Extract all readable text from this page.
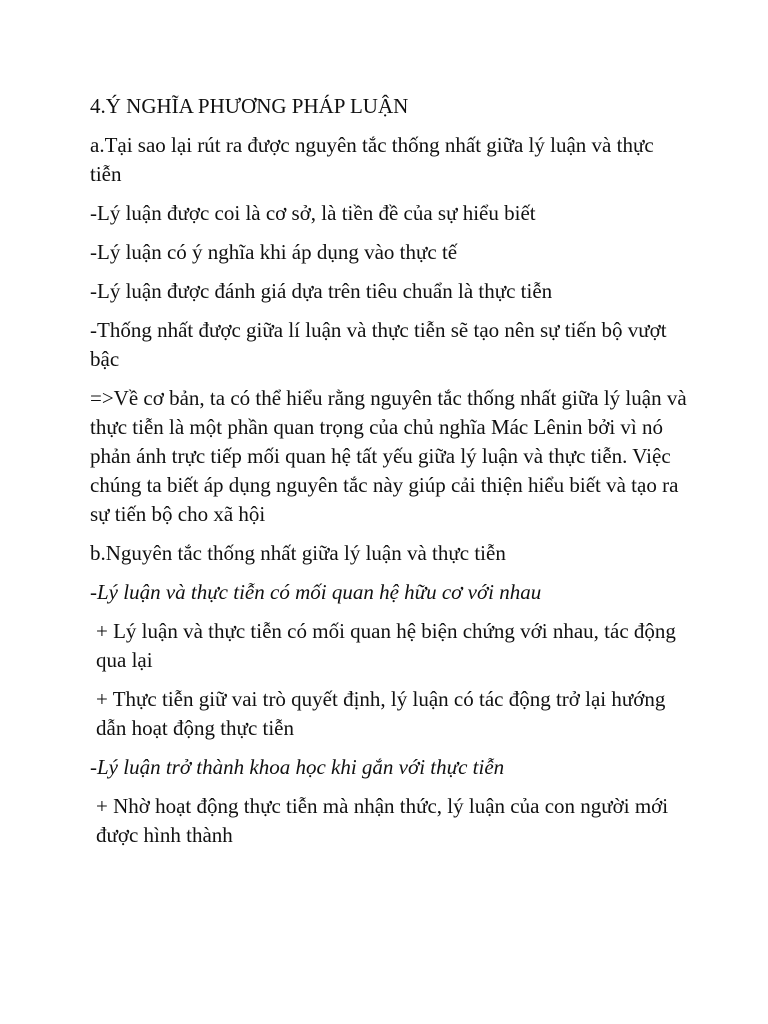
4.Ý NGHĨA PHƯƠNG PHÁP LUẬN

a.Tại sao lại rút ra được nguyên tắc thống nhất giữa lý luận và thực tiễn

-Lý luận được coi là cơ sở, là tiền đề của sự hiểu biết

-Lý luận có ý nghĩa khi áp dụng vào thực tế

-Lý luận được đánh giá dựa trên tiêu chuẩn là thực tiễn

-Thống nhất được giữa lí luận và thực tiễn sẽ tạo nên sự tiến bộ vượt bậc

=>Về cơ bản, ta có thể hiểu rằng nguyên tắc thống nhất giữa lý luận và thực tiễn là một phần quan trọng của chủ nghĩa Mác Lênin bởi vì nó phản ánh trực tiếp mối quan hệ tất yếu giữa lý luận và thực tiễn. Việc chúng ta biết áp dụng nguyên tắc này giúp cải thiện hiểu biết và tạo ra sự tiến bộ cho xã hội

b.Nguyên tắc thống nhất giữa lý luận và thực tiễn

-Lý luận và thực tiễn có mối quan hệ hữu cơ với nhau

+ Lý luận và thực tiễn có mối quan hệ biện chứng với nhau, tác động qua lại

+ Thực tiễn giữ vai trò quyết định, lý luận có tác động trở lại hướng dẫn hoạt động thực tiễn

-Lý luận trở thành khoa học khi gắn với thực tiễn

+ Nhờ hoạt động thực tiễn mà nhận thức, lý luận của con người mới được hình thành
